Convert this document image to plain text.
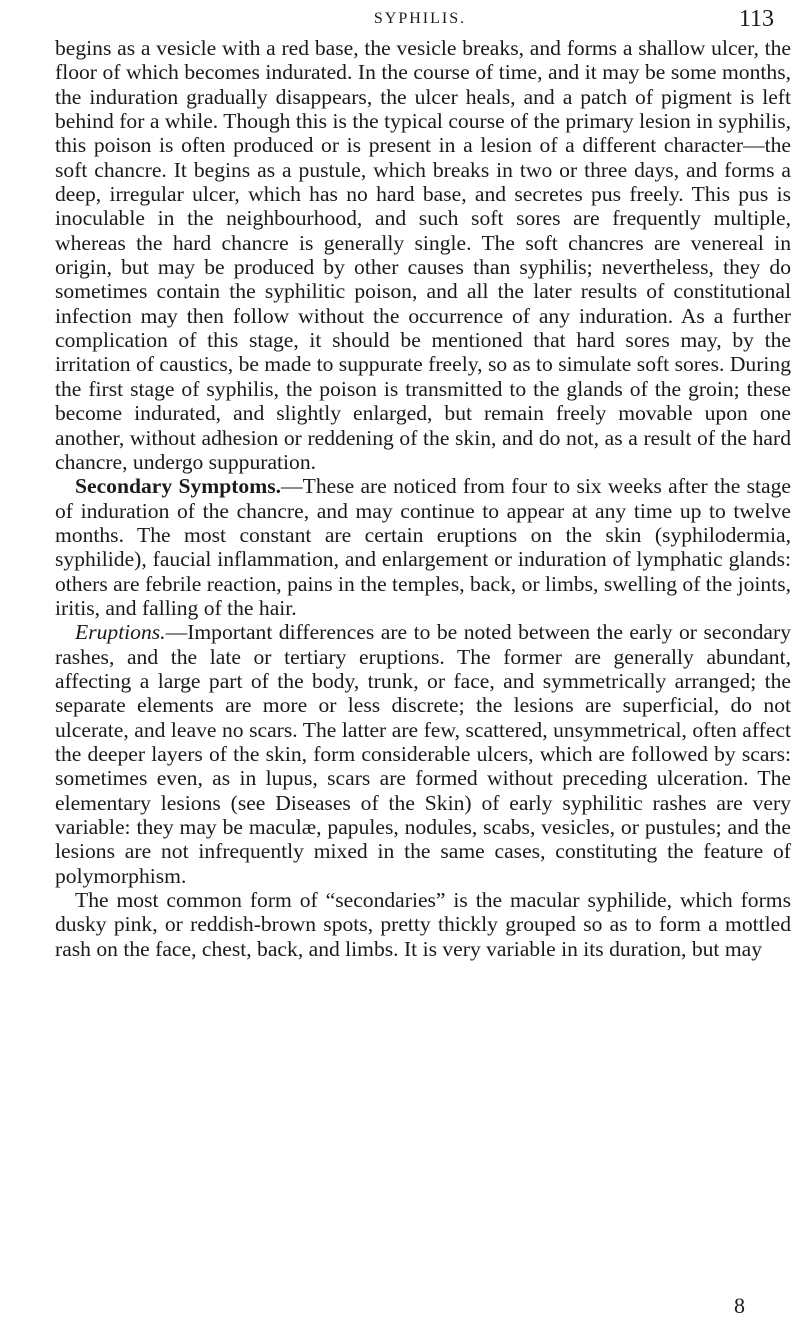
SYPHILIS.	113

begins as a vesicle with a red base, the vesicle breaks, and forms a shallow ulcer, the floor of which becomes indurated. In the course of time, and it may be some months, the induration gradually disappears, the ulcer heals, and a patch of pigment is left behind for a while. Though this is the typical course of the primary lesion in syphilis, this poison is often produced or is present in a lesion of a different character—the soft chancre. It begins as a pustule, which breaks in two or three days, and forms a deep, irregular ulcer, which has no hard base, and secretes pus freely. This pus is inoculable in the neighbourhood, and such soft sores are frequently multiple, whereas the hard chancre is generally single. The soft chancres are venereal in origin, but may be produced by other causes than syphilis; nevertheless, they do sometimes contain the syphilitic poison, and all the later results of constitutional infection may then follow without the occurrence of any induration. As a further complication of this stage, it should be mentioned that hard sores may, by the irritation of caustics, be made to suppurate freely, so as to simulate soft sores. During the first stage of syphilis, the poison is transmitted to the glands of the groin; these become indurated, and slightly enlarged, but remain freely movable upon one another, without adhesion or reddening of the skin, and do not, as a result of the hard chancre, undergo suppuration.

Secondary Symptoms.—These are noticed from four to six weeks after the stage of induration of the chancre, and may continue to appear at any time up to twelve months. The most constant are certain eruptions on the skin (syphilodermia, syphilide), faucial inflammation, and enlargement or induration of lymphatic glands: others are febrile reaction, pains in the temples, back, or limbs, swelling of the joints, iritis, and falling of the hair.

Eruptions.—Important differences are to be noted between the early or secondary rashes, and the late or tertiary eruptions. The former are generally abundant, affecting a large part of the body, trunk, or face, and symmetrically arranged; the separate elements are more or less discrete; the lesions are superficial, do not ulcerate, and leave no scars. The latter are few, scattered, unsymmetrical, often affect the deeper layers of the skin, form considerable ulcers, which are followed by scars: sometimes even, as in lupus, scars are formed without preceding ulceration. The elementary lesions (see Diseases of the Skin) of early syphilitic rashes are very variable: they may be maculæ, papules, nodules, scabs, vesicles, or pustules; and the lesions are not infrequently mixed in the same cases, constituting the feature of polymorphism.

The most common form of “secondaries” is the macular syphilide, which forms dusky pink, or reddish-brown spots, pretty thickly grouped so as to form a mottled rash on the face, chest, back, and limbs. It is very variable in its duration, but may

8
